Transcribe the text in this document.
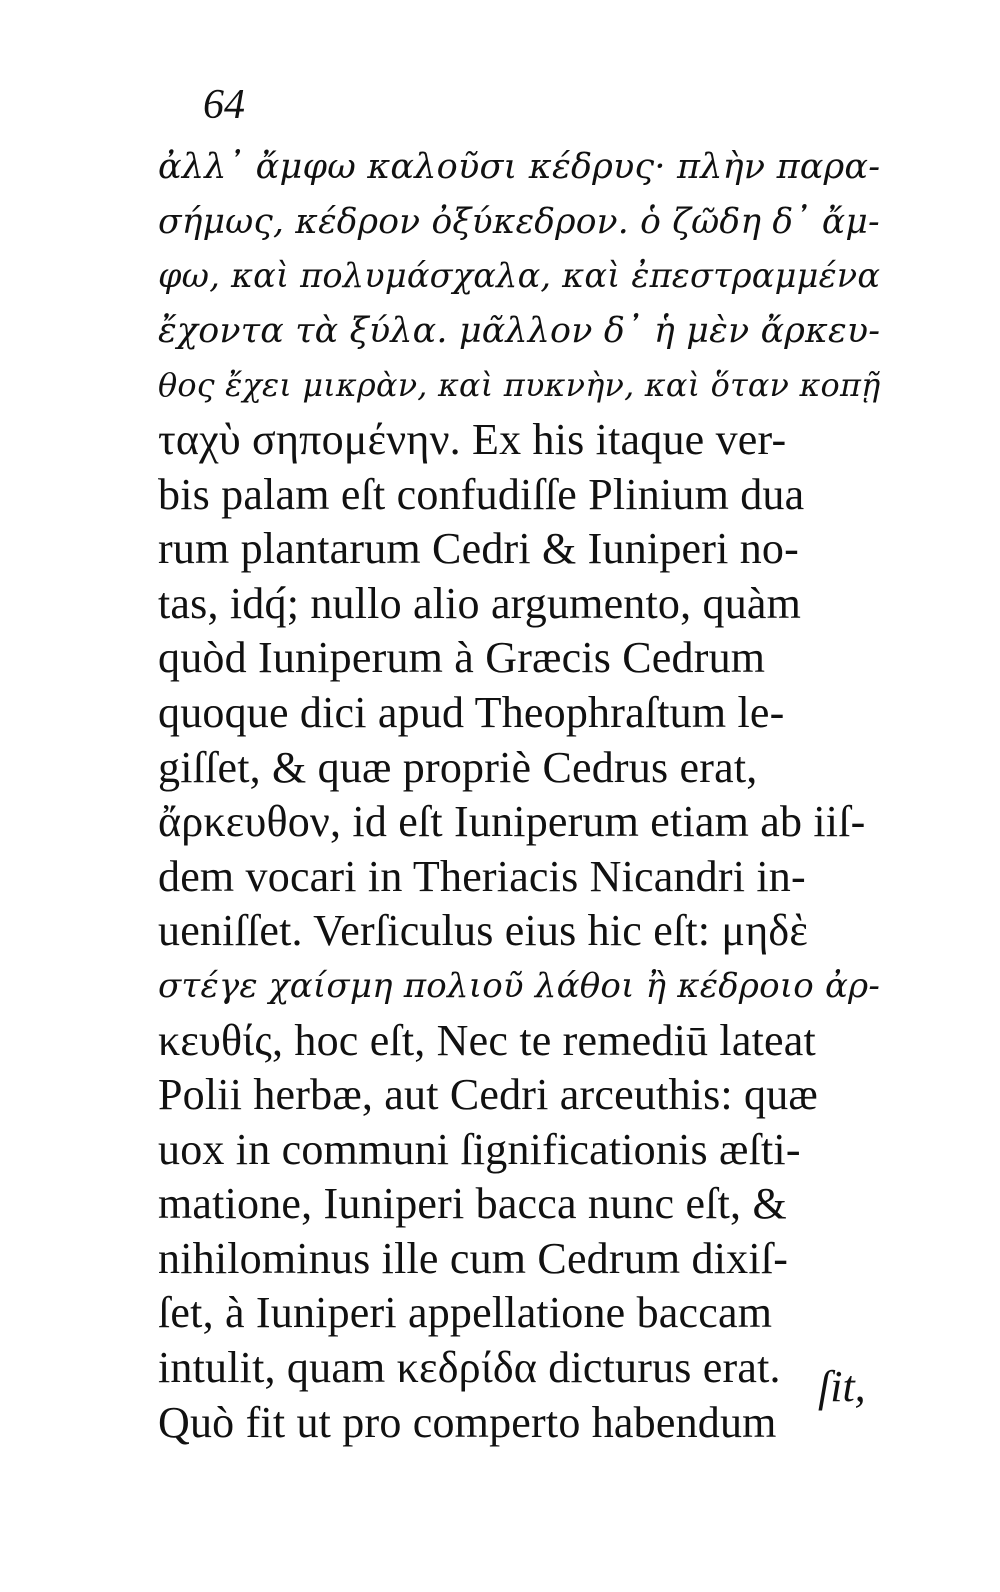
64
ἀλλ᾽ ἄμφω καλοῦσι κέδρυς· πλὴν παρα-
σήμως, κέδρον ὀξύκεδρον. ὁ ζῶδη δ᾽ ἄμ-
φω, καὶ πολυμάσχαλα, καὶ ἐπεστραμμένα
ἔχοντα τὰ ξύλα. μᾶλλον δ᾽ ἡ μὲν ἄρκευ-
θος ἔχει μικρὰν, καὶ πυκνὴν, καὶ ὅταν κοπῇ
ταχὺ σηπομένην. Ex his itaque ver-
bis palam eſt confudiſſe Plinium dua
rum plantarum Cedri & Iuniperi no-
tas, idq́; nullo alio argumento, quàm
quòd Iuniperum à Græcis Cedrum
quoque dici apud Theophraſtum le-
giſſet, & quæ propriè Cedrus erat,
ἄρκευθον, id eſt Iuniperum etiam ab iiſ-
dem vocari in Theriacis Nicandri in-
ueniſſet. Verſiculus eius hic eſt: μηδὲ
στέγε χαίσμη πολιοῦ λάθοι ἢ κέδροιο ἀρ-
κευθίς, hoc eſt, Nec te remediū lateat
Polii herbæ, aut Cedri arceuthis: quæ
uox in communi ſignificationis æſti-
matione, Iuniperi bacca nunc eſt, &
nihilominus ille cum Cedrum dixiſ-
ſet, à Iuniperi appellatione baccam
intulit, quam κεδρίδα dicturus erat.
Quò fit ut pro comperto habendum
ſit,
